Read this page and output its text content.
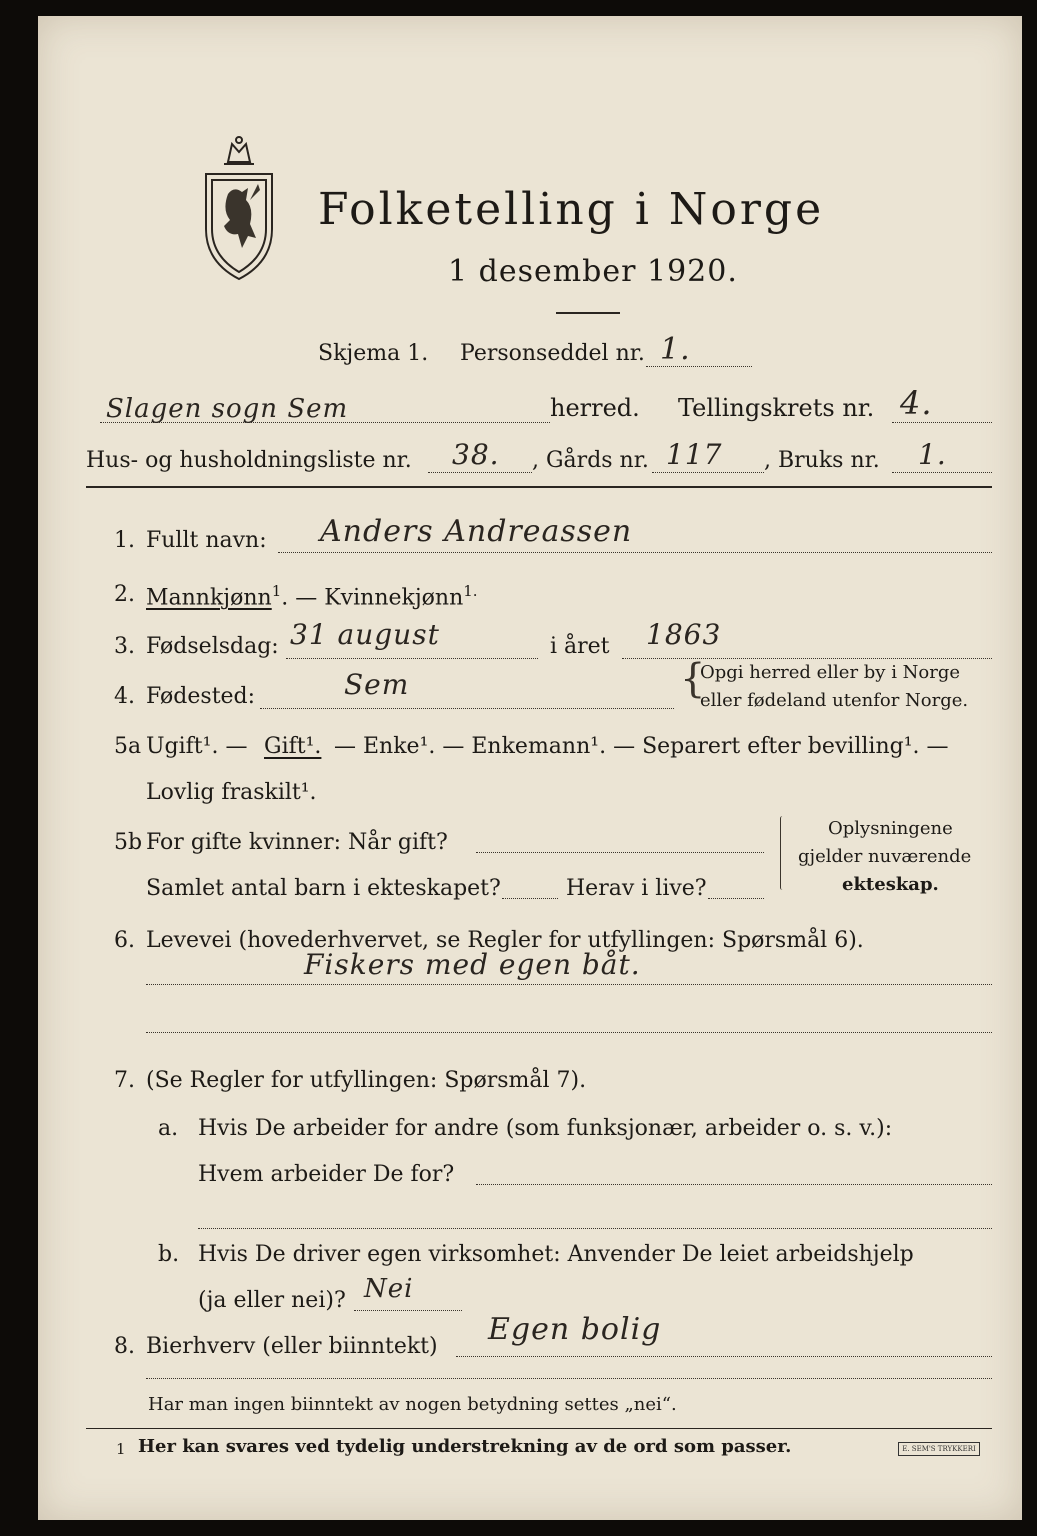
Folketelling i Norge
1 desember 1920.
Skjema 1. Personseddel nr. 1.
Slagen sogn Sem	herred. Tellingskrets nr. 4.
Hus- og husholdningsliste nr. 38. , Gårds nr. 117 , Bruks nr. 1.
1. Fullt navn: Anders Andreassen
2. Mannkjønn$^1$. — Kvinnekjønn$^{1.}$
3. Fødselsdag: 31 august	i året 1863
4. Fødested:	Sem	{
Opgi herred eller by i Norge
eller fødeland utenfor Norge.
5a Ugift¹. — Gift¹. — Enke¹. — Enkemann¹. — Separert efter bevilling¹. —
Lovlig fraskilt¹.
5b For gifte kvinner: Når gift?
Samlet antal barn i ekteskapet?	Herav i live?
Oplysningene
gjelder nuværende
ekteskap.
6. Levevei (hovederhvervet, se Regler for utfyllingen: Spørsmål 6).
Fiskers med egen båt.
7. (Se Regler for utfyllingen: Spørsmål 7).
a. Hvis De arbeider for andre (som funksjonær, arbeider o. s. v.):
Hvem arbeider De for?
b. Hvis De driver egen virksomhet: Anvender De leiet arbeidshjelp
(ja eller nei)? Nei
8. Bierhverv (eller biinntekt) Egen bolig
Har man ingen biinntekt av nogen betydning settes „nei“.
1 Her kan svares ved tydelig understrekning av de ord som passer.	E. SEM'S TRYKKERI
